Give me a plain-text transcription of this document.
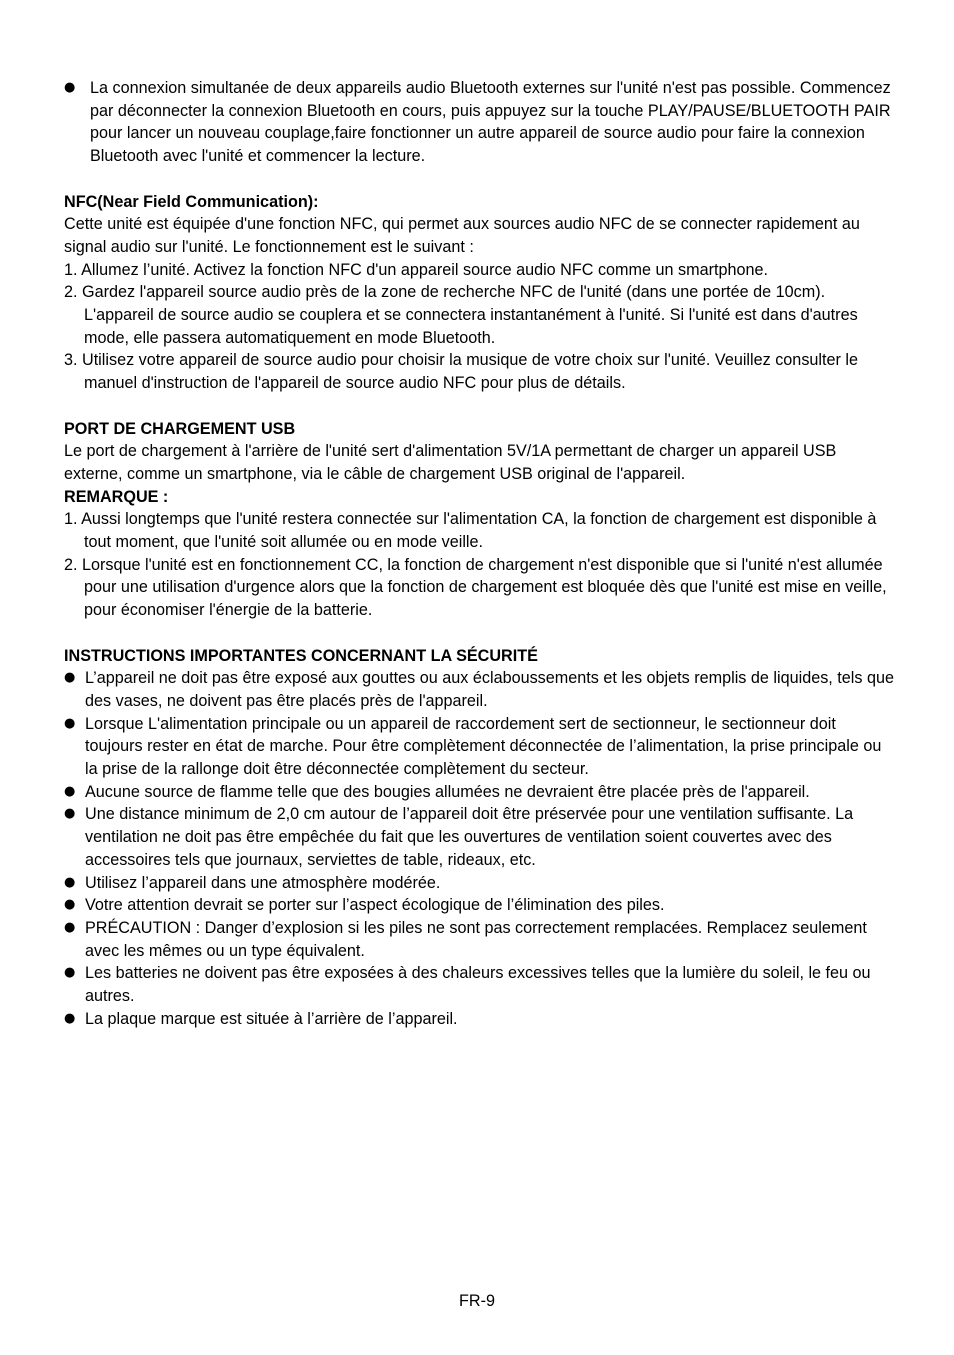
● La connexion simultanée de deux appareils audio Bluetooth externes sur l'unité n'est pas possible. Commencez par déconnecter la connexion Bluetooth en cours, puis appuyez sur la touche PLAY/PAUSE/BLUETOOTH PAIR pour lancer un nouveau couplage,faire fonctionner un autre appareil de source audio pour faire la connexion Bluetooth avec l'unité et commencer la lecture.
NFC(Near Field Communication):
Cette unité est équipée d'une fonction NFC, qui permet aux sources audio NFC de se connecter rapidement au signal audio sur l'unité. Le fonctionnement est le suivant :
1. Allumez l’unité. Activez la fonction NFC d'un appareil source audio NFC comme un smartphone.
2. Gardez l'appareil source audio près de la zone de recherche NFC de l'unité (dans une portée de 10cm). L'appareil de source audio se couplera et se connectera instantanément à l'unité. Si l'unité est dans d'autres mode, elle passera automatiquement en mode Bluetooth.
3. Utilisez votre appareil de source audio pour choisir la musique de votre choix sur l'unité. Veuillez consulter le manuel d'instruction de l'appareil de source audio NFC pour plus de détails.
PORT DE CHARGEMENT USB
Le port de chargement à l'arrière de l'unité sert d'alimentation 5V/1A permettant de charger un appareil USB externe, comme un smartphone, via le câble de chargement USB original de l'appareil.
REMARQUE :
1. Aussi longtemps que l'unité restera connectée sur l'alimentation CA, la fonction de chargement est disponible à tout moment, que l'unité soit allumée ou en mode veille.
2. Lorsque l'unité est en fonctionnement CC, la fonction de chargement n'est disponible que si l'unité n'est allumée pour une utilisation d'urgence alors que la fonction de chargement est bloquée dès que l'unité est mise en veille, pour économiser l'énergie de la batterie.
INSTRUCTIONS IMPORTANTES CONCERNANT LA SÉCURITÉ
● L’appareil ne doit pas être exposé aux gouttes ou aux éclaboussements et les objets remplis de liquides, tels que des vases, ne doivent pas être placés près de l'appareil.
● Lorsque L'alimentation principale ou un appareil de raccordement sert de sectionneur, le sectionneur doit toujours rester en état de marche. Pour être complètement déconnectée de l’alimentation, la prise principale ou la prise de la rallonge doit être déconnectée complètement du secteur.
● Aucune source de flamme telle que des bougies allumées ne devraient être placée près de l'appareil.
● Une distance minimum de 2,0 cm autour de l’appareil doit être préservée pour une ventilation suffisante. La ventilation ne doit pas être empêchée du fait que les ouvertures de ventilation soient couvertes avec des accessoires tels que journaux, serviettes de table, rideaux, etc.
● Utilisez l’appareil dans une atmosphère modérée.
● Votre attention devrait se porter sur l’aspect écologique de l’élimination des piles.
● PRÉCAUTION : Danger d’explosion si les piles ne sont pas correctement remplacées. Remplacez seulement avec les mêmes ou un type équivalent.
● Les batteries ne doivent pas être exposées à des chaleurs excessives telles que la lumière du soleil, le feu ou autres.
● La plaque marque est située à l’arrière de l’appareil.
FR-9
